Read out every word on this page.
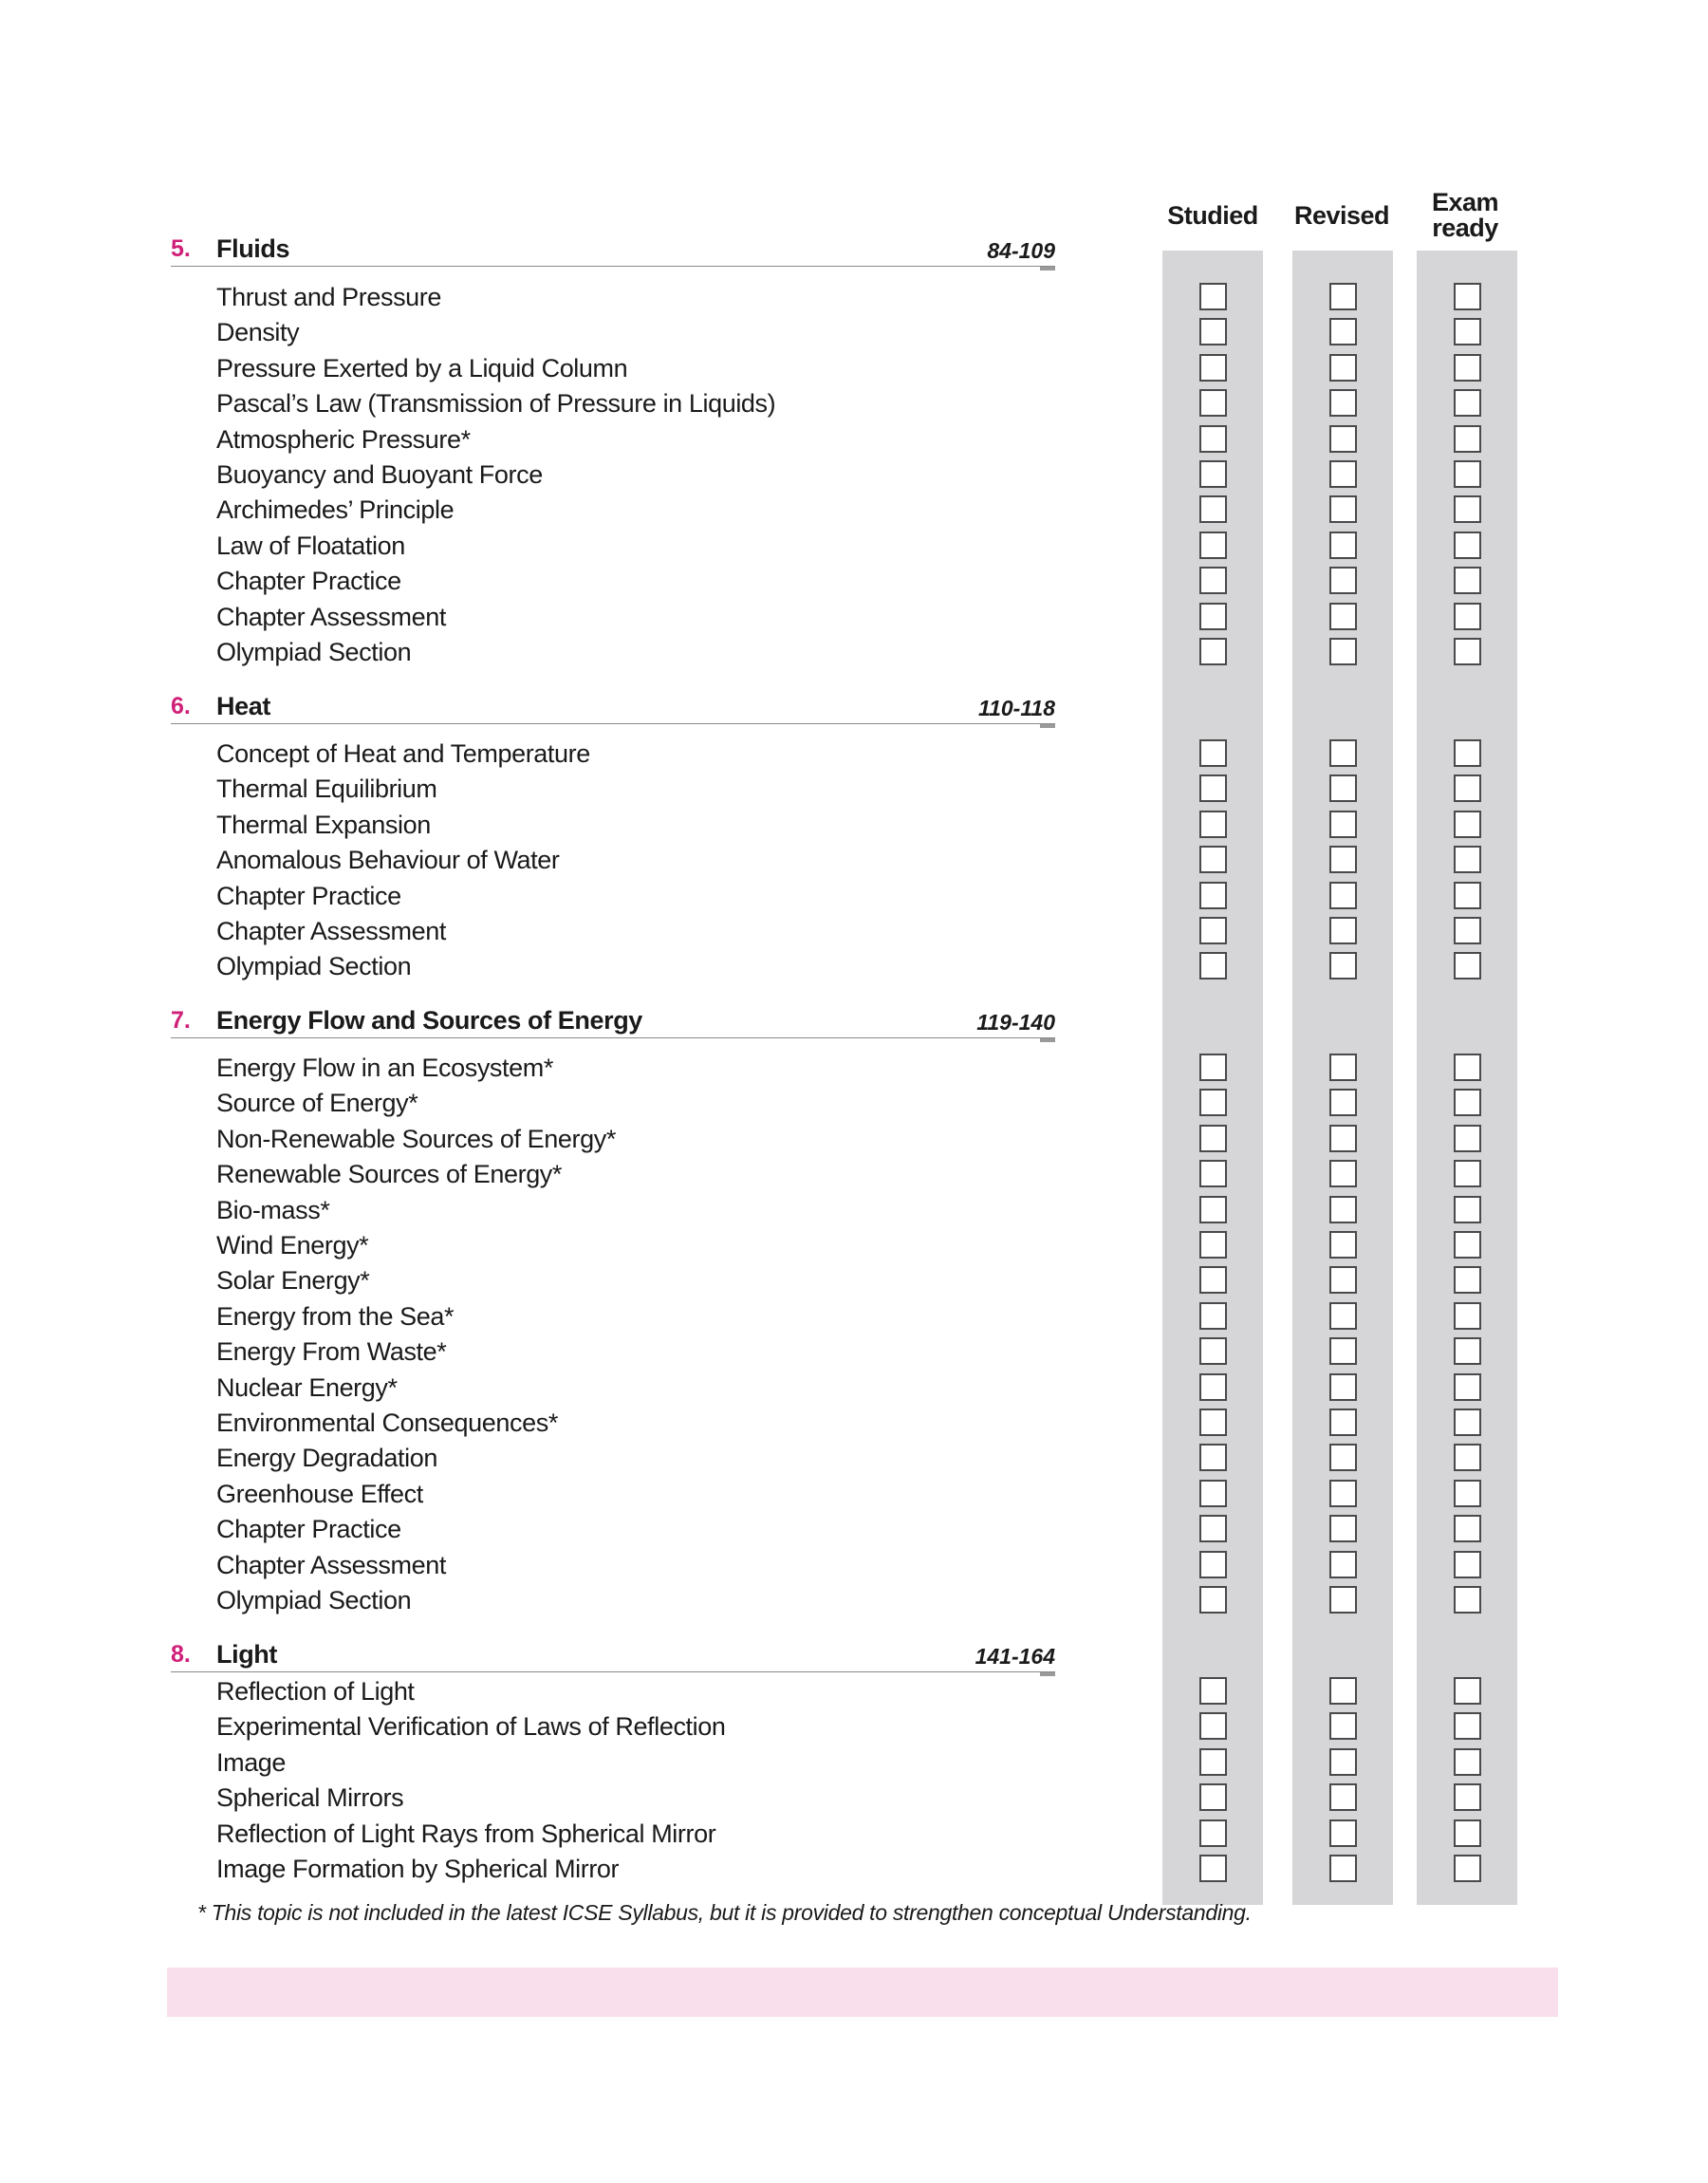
Studied	Revised	Exam
ready
5. Fluids	84-109
Thrust and Pressure
Density
Pressure Exerted by a Liquid Column
Pascal’s Law (Transmission of Pressure in Liquids)
Atmospheric Pressure*
Buoyancy and Buoyant Force
Archimedes’ Principle
Law of Floatation
Chapter Practice
Chapter Assessment
Olympiad Section
6. Heat	110-118
Concept of Heat and Temperature
Thermal Equilibrium
Thermal Expansion
Anomalous Behaviour of Water
Chapter Practice
Chapter Assessment
Olympiad Section
7. Energy Flow and Sources of Energy	119-140
Energy Flow in an Ecosystem*
Source of Energy*
Non-Renewable Sources of Energy*
Renewable Sources of Energy*
Bio-mass*
Wind Energy*
Solar Energy*
Energy from the Sea*
Energy From Waste*
Nuclear Energy*
Environmental Consequences*
Energy Degradation
Greenhouse Effect
Chapter Practice
Chapter Assessment
Olympiad Section
8. Light	141-164
Reflection of Light
Experimental Verification of Laws of Reflection
Image
Spherical Mirrors
Reflection of Light Rays from Spherical Mirror
Image Formation by Spherical Mirror
* This topic is not included in the latest ICSE Syllabus, but it is provided to strengthen conceptual Understanding.
